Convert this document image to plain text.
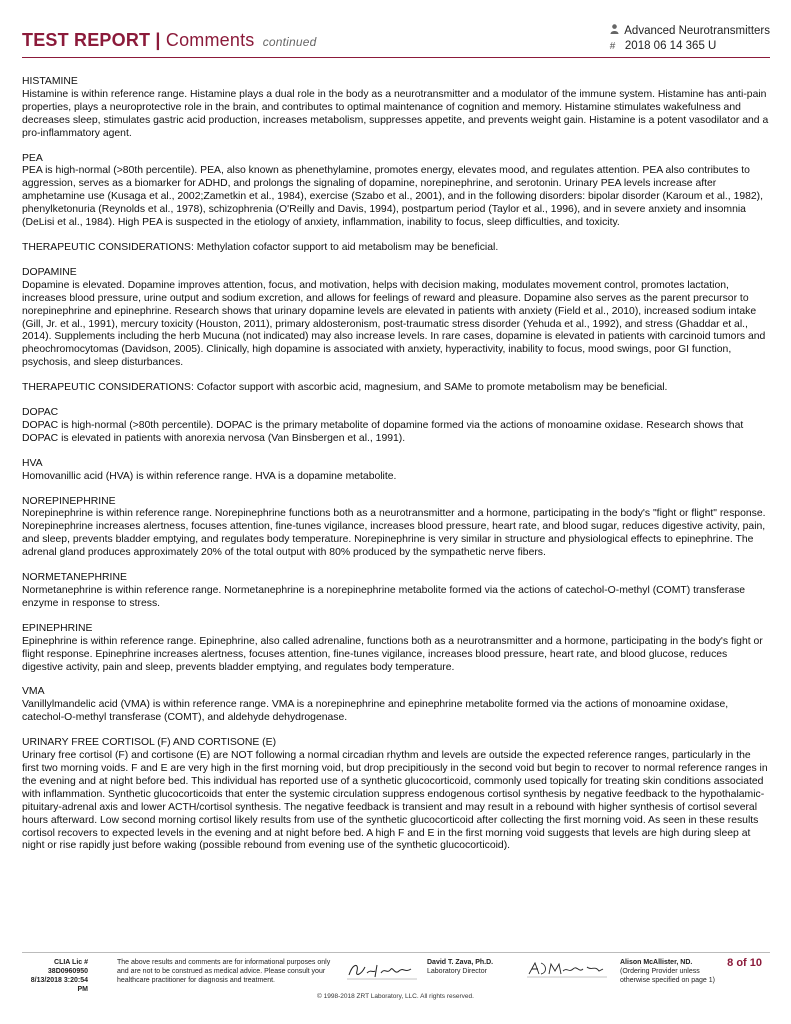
TEST REPORT | Comments continued
Advanced Neurotransmitters
# 2018 06 14 365 U
HISTAMINE

Histamine is within reference range. Histamine plays a dual role in the body as a neurotransmitter and a modulator of the immune system. Histamine has anti-pain properties, plays a neuroprotective role in the brain, and contributes to optimal maintenance of cognition and memory. Histamine stimulates wakefulness and decreases sleep, stimulates gastric acid production, increases metabolism, suppresses appetite, and prevents weight gain. Histamine is a potent vasodilator and a pro-inflammatory agent.

PEA

PEA is high-normal (>80th percentile). PEA, also known as phenethylamine, promotes energy, elevates mood, and regulates attention. PEA also contributes to aggression, serves as a biomarker for ADHD, and prolongs the signaling of dopamine, norepinephrine, and serotonin. Urinary PEA levels increase after amphetamine use (Kusaga et al., 2002;Zametkin et al., 1984), exercise (Szabo et al., 2001), and in the following disorders: bipolar disorder (Karoum et al., 1982), phenylketonuria (Reynolds et al., 1978), schizophrenia (O'Reilly and Davis, 1994), postpartum period (Taylor et al., 1996), and in severe anxiety and insomnia (DeLisi et al., 1984). High PEA is suspected in the etiology of anxiety, inflammation, inability to focus, sleep difficulties, and toxicity.

THERAPEUTIC CONSIDERATIONS: Methylation cofactor support to aid metabolism may be beneficial.

DOPAMINE

Dopamine is elevated. Dopamine improves attention, focus, and motivation, helps with decision making, modulates movement control, promotes lactation, increases blood pressure, urine output and sodium excretion, and allows for feelings of reward and pleasure. Dopamine also serves as the parent precursor to norepinephrine and epinephrine. Research shows that urinary dopamine levels are elevated in patients with anxiety (Field et al., 2010), increased sodium intake (Gill, Jr. et al., 1991), mercury toxicity (Houston, 2011), primary aldosteronism, post-traumatic stress disorder (Yehuda et al., 1992), and stress (Ghaddar et al., 2014). Supplements including the herb Mucuna (not indicated) may also increase levels. In rare cases, dopamine is elevated in patients with carcinoid tumors and pheochromocytomas (Davidson, 2005). Clinically, high dopamine is associated with anxiety, hyperactivity, inability to focus, mood swings, poor GI function, psychosis, and sleep disturbances.

THERAPEUTIC CONSIDERATIONS: Cofactor support with ascorbic acid, magnesium, and SAMe to promote metabolism may be beneficial.

DOPAC

DOPAC is high-normal (>80th percentile). DOPAC is the primary metabolite of dopamine formed via the actions of monoamine oxidase. Research shows that DOPAC is elevated in patients with anorexia nervosa (Van Binsbergen et al., 1991).

HVA

Homovanillic acid (HVA) is within reference range. HVA is a dopamine metabolite.

NOREPINEPHRINE

Norepinephrine is within reference range. Norepinephrine functions both as a neurotransmitter and a hormone, participating in the body's "fight or flight" response. Norepinephrine increases alertness, focuses attention, fine-tunes vigilance, increases blood pressure, heart rate, and blood sugar, reduces digestive activity, pain, and sleep, prevents bladder emptying, and regulates body temperature. Norepinephrine is very similar in structure and physiological effects to epinephrine. The adrenal gland produces approximately 20% of the total output with 80% produced by the sympathetic nerve fibers.

NORMETANEPHRINE

Normetanephrine is within reference range. Normetanephrine is a norepinephrine metabolite formed via the actions of catechol-O-methyl (COMT) transferase enzyme in response to stress.

EPINEPHRINE

Epinephrine is within reference range. Epinephrine, also called adrenaline, functions both as a neurotransmitter and a hormone, participating in the body's fight or flight response. Epinephrine increases alertness, focuses attention, fine-tunes vigilance, increases blood pressure, heart rate, and blood glucose, reduces digestive activity, pain and sleep, prevents bladder emptying, and regulates body temperature.

VMA

Vanillylmandelic acid (VMA) is within reference range. VMA is a norepinephrine and epinephrine metabolite formed via the actions of monoamine oxidase, catechol-O-methyl transferase (COMT), and aldehyde dehydrogenase.

URINARY FREE CORTISOL (F) AND CORTISONE (E)

Urinary free cortisol (F) and cortisone (E) are NOT following a normal circadian rhythm and levels are outside the expected reference ranges, particularly in the first two morning voids. F and E are very high in the first morning void, but drop precipitiously in the second void but begin to recover to normal reference ranges in the evening and at night before bed. This individual has reported use of a synthetic glucocorticoid, commonly used topically for treating skin conditions associated with inflammation. Synthetic glucocorticoids that enter the systemic circulation suppress endogenous cortisol synthesis by negative feedback to the hypothalamic-pituitary-adrenal axis and lower ACTH/cortisol synthesis. The negative feedback is transient and may result in a rebound with higher synthesis of cortisol several hours afterward. Low second morning cortisol likely results from use of the synthetic glucocorticoid after collecting the first morning void. As seen in these results cortisol recovers to expected levels in the evening and at night before bed. A high F and E in the first morning void suggests that levels are high during sleep at night or rise rapidly just before waking (possible rebound from evening use of the synthetic glucocorticoid).

CLIA Lic # 38D0960950
8/13/2018 3:20:54 PM
The above results and comments are for informational purposes only and are not to be construed as medical advice. Please consult your healthcare practitioner for diagnosis and treatment.
David T. Zava, Ph.D.
Laboratory Director
Alison McAllister, ND.
(Ordering Provider unless otherwise specified on page 1)
8 of 10
© 1998-2018 ZRT Laboratory, LLC. All rights reserved.
